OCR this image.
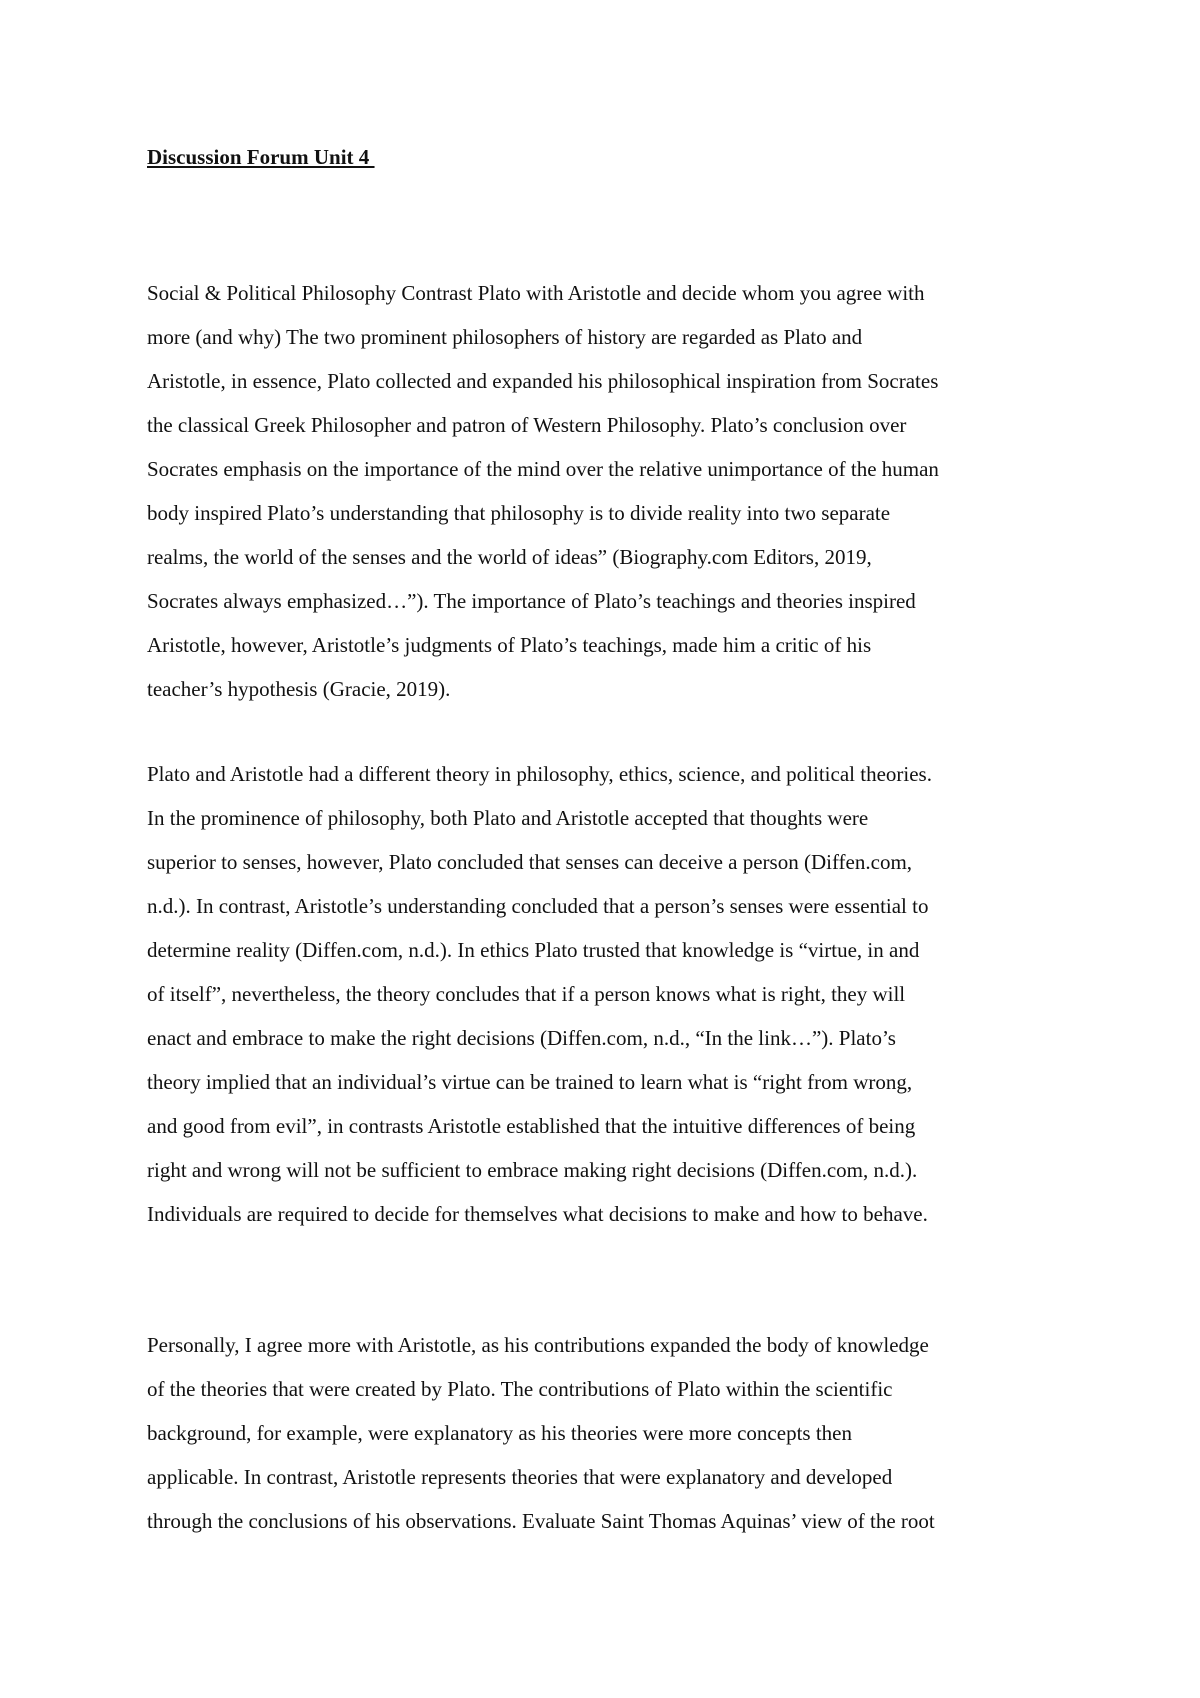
Discussion Forum Unit 4
Social & Political Philosophy Contrast Plato with Aristotle and decide whom you agree with
more (and why) The two prominent philosophers of history are regarded as Plato and
Aristotle, in essence, Plato collected and expanded his philosophical inspiration from Socrates
the classical Greek Philosopher and patron of Western Philosophy. Plato’s conclusion over
Socrates emphasis on the importance of the mind over the relative unimportance of the human
body inspired Plato’s understanding that philosophy is to divide reality into two separate
realms, the world of the senses and the world of ideas” (Biography.com Editors, 2019,
Socrates always emphasized…”). The importance of Plato’s teachings and theories inspired
Aristotle, however, Aristotle’s judgments of Plato’s teachings, made him a critic of his
teacher’s hypothesis (Gracie, 2019).
Plato and Aristotle had a different theory in philosophy, ethics, science, and political theories.
In the prominence of philosophy, both Plato and Aristotle accepted that thoughts were
superior to senses, however, Plato concluded that senses can deceive a person (Diffen.com,
n.d.). In contrast, Aristotle’s understanding concluded that a person’s senses were essential to
determine reality (Diffen.com, n.d.). In ethics Plato trusted that knowledge is “virtue, in and
of itself”, nevertheless, the theory concludes that if a person knows what is right, they will
enact and embrace to make the right decisions (Diffen.com, n.d., “In the link…”). Plato’s
theory implied that an individual’s virtue can be trained to learn what is “right from wrong,
and good from evil”, in contrasts Aristotle established that the intuitive differences of being
right and wrong will not be sufficient to embrace making right decisions (Diffen.com, n.d.).
Individuals are required to decide for themselves what decisions to make and how to behave.
Personally, I agree more with Aristotle, as his contributions expanded the body of knowledge
of the theories that were created by Plato. The contributions of Plato within the scientific
background, for example, were explanatory as his theories were more concepts then
applicable. In contrast, Aristotle represents theories that were explanatory and developed
through the conclusions of his observations. Evaluate Saint Thomas Aquinas’ view of the root
